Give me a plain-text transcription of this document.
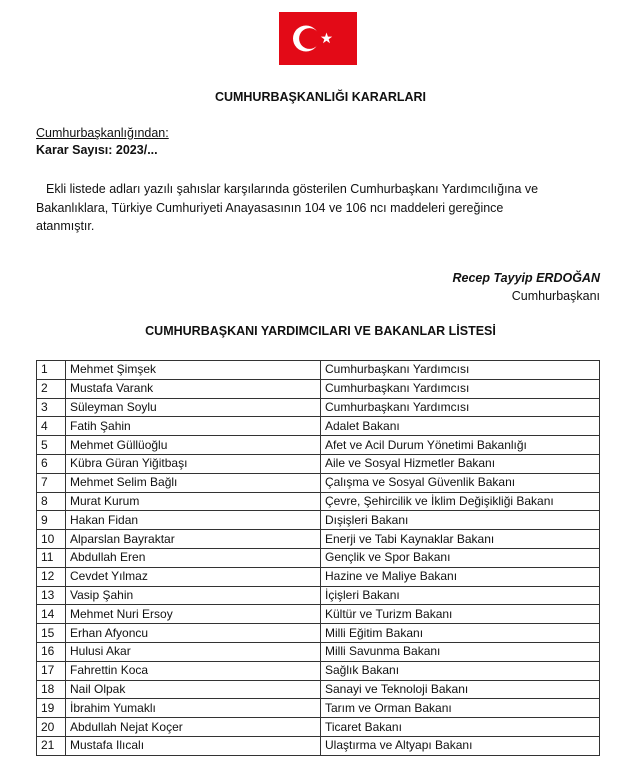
CUMHURBAŞKANLIĞI KARARLARI
Cumhurbaşkanlığından:
Karar Sayısı: 2023/...
Ekli listede adları yazılı şahıslar karşılarında gösterilen Cumhurbaşkanı Yardımcılığına ve
Bakanlıklara, Türkiye Cumhuriyeti Anayasasının 104 ve 106 ncı maddeleri gereğince
atanmıştır.
Recep Tayyip ERDOĞAN
Cumhurbaşkanı
CUMHURBAŞKANI YARDIMCILARI VE BAKANLAR LİSTESİ
1	Mehmet Şimşek	Cumhurbaşkanı Yardımcısı
2	Mustafa Varank	Cumhurbaşkanı Yardımcısı
3	Süleyman Soylu	Cumhurbaşkanı Yardımcısı
4	Fatih Şahin	Adalet Bakanı
5	Mehmet Güllüoğlu	Afet ve Acil Durum Yönetimi Bakanlığı
6	Kübra Güran Yiğitbaşı	Aile ve Sosyal Hizmetler Bakanı
7	Mehmet Selim Bağlı	Çalışma ve Sosyal Güvenlik Bakanı
8	Murat Kurum	Çevre, Şehircilik ve İklim Değişikliği Bakanı
9	Hakan Fidan	Dışişleri Bakanı
10	Alparslan Bayraktar	Enerji ve Tabi Kaynaklar Bakanı
11	Abdullah Eren	Gençlik ve Spor Bakanı
12	Cevdet Yılmaz	Hazine ve Maliye Bakanı
13	Vasip Şahin	İçişleri Bakanı
14	Mehmet Nuri Ersoy	Kültür ve Turizm Bakanı
15	Erhan Afyoncu	Milli Eğitim Bakanı
16	Hulusi Akar	Milli Savunma Bakanı
17	Fahrettin Koca	Sağlık Bakanı
18	Nail Olpak	Sanayi ve Teknoloji Bakanı
19	İbrahim Yumaklı	Tarım ve Orman Bakanı
20	Abdullah Nejat Koçer	Ticaret Bakanı
21	Mustafa Ilıcalı	Ulaştırma ve Altyapı Bakanı
